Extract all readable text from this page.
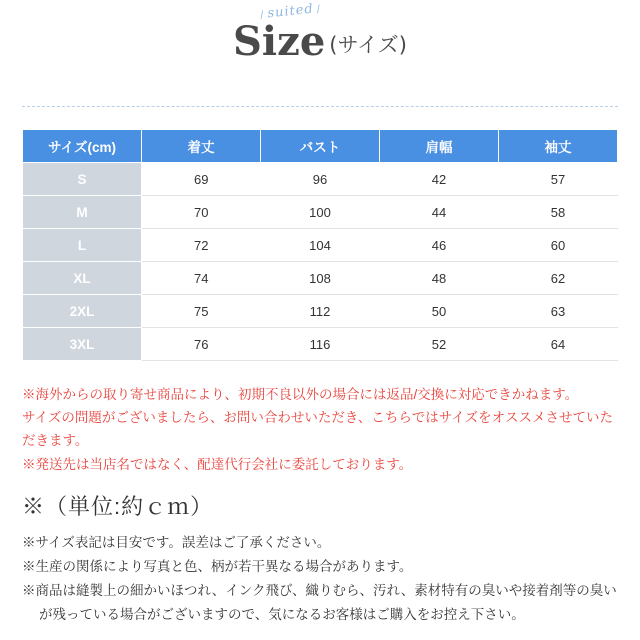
/ suited /
Size (サイズ)
サイズ(cm)	着丈	バスト	肩幅	袖丈
S	69	96	42	57
M	70	100	44	58
L	72	104	46	60
XL	74	108	48	62
2XL	75	112	50	63
3XL	76	116	52	64

※海外からの取り寄せ商品により、初期不良以外の場合には返品/交換に対応できかねます。

サイズの問題がございましたら、お問い合わせいただき、こちらではサイズをオススメさせていただきます。

※発送先は当店名ではなく、配達代行会社に委託しております。

※（単位:約ｃｍ）

※サイズ表記は目安です。誤差はご了承ください。

※生産の関係により写真と色、柄が若干異なる場合があります。

※商品は縫製上の細かいほつれ、インク飛び、織りむら、汚れ、素材特有の臭いや接着剤等の臭いが残っている場合がございますので、気になるお客様はご購入をお控え下さい。
